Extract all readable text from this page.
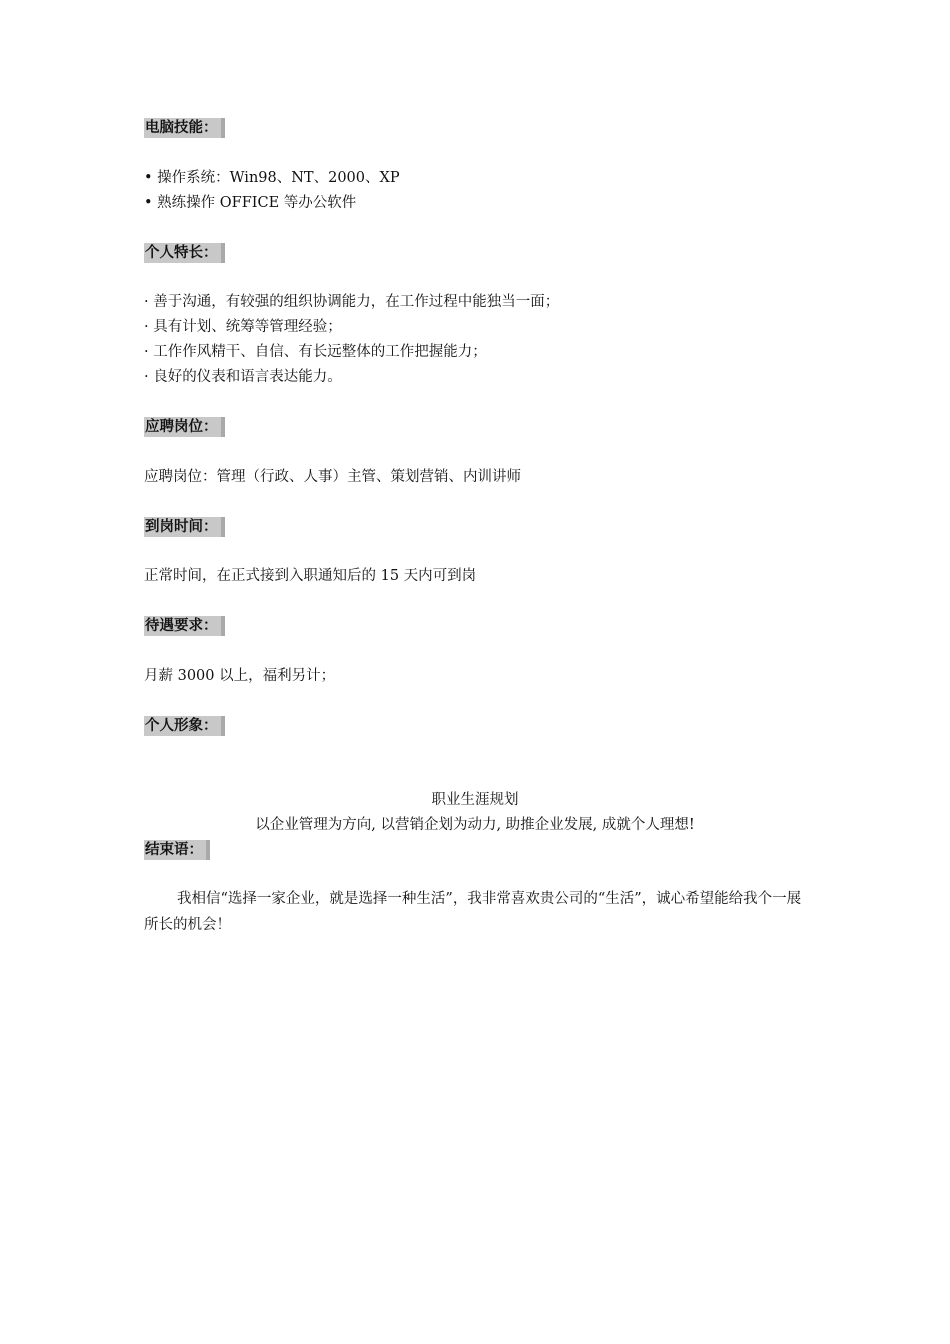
电脑技能：
• 操作系统：Win98、NT、2000、XP
• 熟练操作 OFFICE 等办公软件
个人特长：
· 善于沟通，有较强的组织协调能力，在工作过程中能独当一面；
· 具有计划、统筹等管理经验；
· 工作作风精干、自信、有长远整体的工作把握能力；
· 良好的仪表和语言表达能力。
应聘岗位：
应聘岗位：管理（行政、人事）主管、策划营销、内训讲师
到岗时间：
正常时间，在正式接到入职通知后的 15 天内可到岗
待遇要求：
月薪 3000 以上，福利另计；
个人形象：
职业生涯规划
以企业管理为方向, 以营销企划为动力, 助推企业发展, 成就个人理想!
结束语：
我相信“选择一家企业，就是选择一种生活”，我非常喜欢贵公司的“生活”，诚心希望能给我个一展所长的机会！
